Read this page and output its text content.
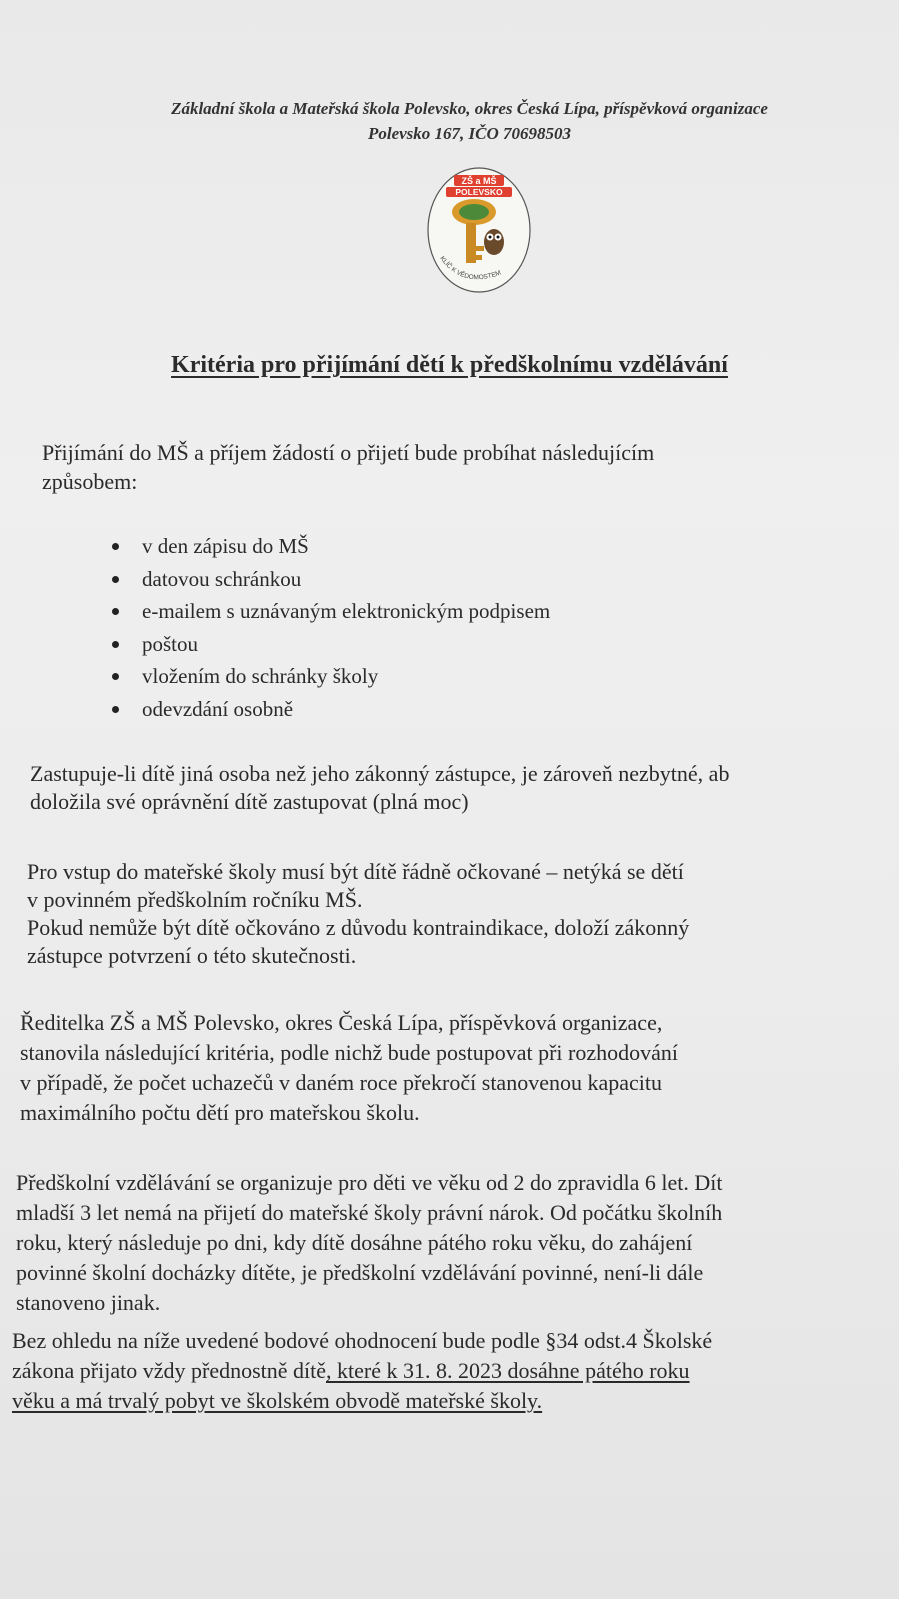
Základní škola a Mateřská škola Polevsko, okres Česká Lípa, příspěvková organizace
Polevsko 167, IČO 70698503
ZŠ a MŠ
POLEVSKO
KLÍČ K VĚDOMOSTEM
Kritéria pro přijímání dětí k předškolnímu vzdělávání
Přijímání do MŠ a příjem žádostí o přijetí bude probíhat následujícím
způsobem:
v den zápisu do MŠ
datovou schránkou
e-mailem s uznávaným elektronickým podpisem
poštou
vložením do schránky školy
odevzdání osobně
Zastupuje-li dítě jiná osoba než jeho zákonný zástupce, je zároveň nezbytné, ab
doložila své oprávnění dítě zastupovat (plná moc)
Pro vstup do mateřské školy musí být dítě řádně očkované – netýká se dětí
v povinném předškolním ročníku MŠ.
Pokud nemůže být dítě očkováno z důvodu kontraindikace, doloží zákonný
zástupce potvrzení o této skutečnosti.
Ředitelka ZŠ a MŠ Polevsko, okres Česká Lípa, příspěvková organizace,
stanovila následující kritéria, podle nichž bude postupovat při rozhodování
v případě, že počet uchazečů v daném roce překročí stanovenou kapacitu
maximálního počtu dětí pro mateřskou školu.
Předškolní vzdělávání se organizuje pro děti ve věku od 2 do zpravidla 6 let. Dít
mladší 3 let nemá na přijetí do mateřské školy právní nárok. Od počátku školníh
roku, který následuje po dni, kdy dítě dosáhne pátého roku věku, do zahájení
povinné školní docházky dítěte, je předškolní vzdělávání povinné, není-li dále
stanoveno jinak.
Bez ohledu na níže uvedené bodové ohodnocení bude podle §34 odst.4 Školské
zákona přijato vždy přednostně dítě, které k 31. 8. 2023 dosáhne pátého roku
věku a má trvalý pobyt ve školském obvodě mateřské školy.
